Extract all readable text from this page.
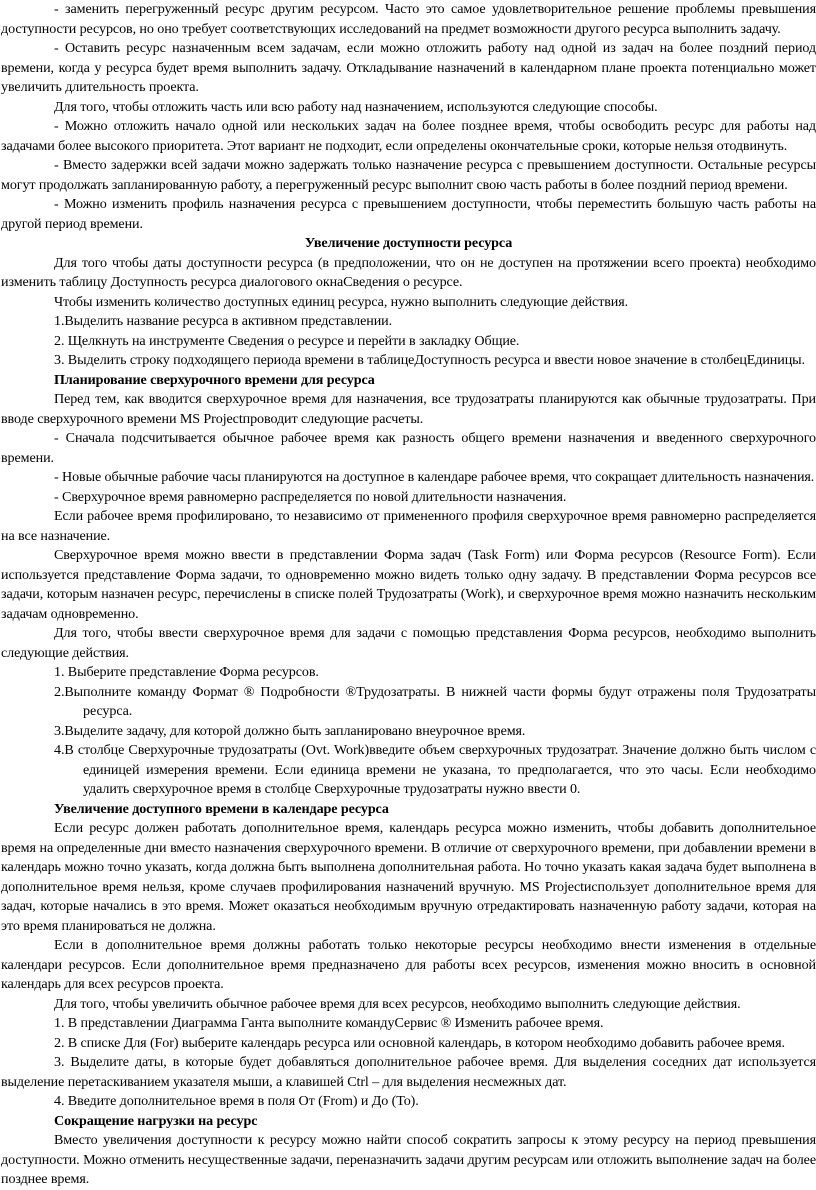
- заменить перегруженный ресурс другим ресурсом. Часто это самое удовлетворительное решение проблемы превышения доступности ресурсов, но оно требует соответствующих исследований на предмет возможности другого ресурса выполнить задачу.

- Оставить ресурс назначенным всем задачам, если можно отложить работу над одной из задач на более поздний период времени, когда у ресурса будет время выполнить задачу. Откладывание назначений в календарном плане проекта потенциально может увеличить длительность проекта.

Для того, чтобы отложить часть или всю работу над назначением, используются следующие способы.

- Можно отложить начало одной или нескольких задач на более позднее время, чтобы освободить ресурс для работы над задачами более высокого приоритета. Этот вариант не подходит, если определены окончательные сроки, которые нельзя отодвинуть.

- Вместо задержки всей задачи можно задержать только назначение ресурса с превышением доступности. Остальные ресурсы могут продолжать запланированную работу, а перегруженный ресурс выполнит свою часть работы в более поздний период времени.

- Можно изменить профиль назначения ресурса с превышением доступности, чтобы переместить большую часть работы на другой период времени.

Увеличение доступности ресурса

Для того чтобы даты доступности ресурса (в предположении, что он не доступен на протяжении всего проекта) необходимо изменить таблицу Доступность ресурса диалогового окнаСведения о ресурсе.

Чтобы изменить количество доступных единиц ресурса, нужно выполнить следующие действия.

1.Выделить название ресурса в активном представлении.

2. Щелкнуть на инструменте Сведения о ресурсе и перейти в закладку Общие.

3. Выделить строку подходящего периода времени в таблицеДоступность ресурса и ввести новое значение в столбецЕдиницы.

Планирование сверхурочного времени для ресурса

Перед тем, как вводится сверхурочное время для назначения, все трудозатраты планируются как обычные трудозатраты. При вводе сверхурочного времени MS Projectпроводит следующие расчеты.

- Сначала подсчитывается обычное рабочее время как разность общего времени назначения и введенного сверхурочного времени.

- Новые обычные рабочие часы планируются на доступное в календаре рабочее время, что сокращает длительность назначения.

- Сверхурочное время равномерно распределяется по новой длительности назначения.

Если рабочее время профилировано, то независимо от примененного профиля сверхурочное время равномерно распределяется на все назначение.

Сверхурочное время можно ввести в представлении Форма задач (Task Form) или Форма ресурсов (Resource Form). Если используется представление Форма задачи, то одновременно можно видеть только одну задачу. В представлении Форма ресурсов все задачи, которым назначен ресурс, перечислены в списке полей Трудозатраты (Work), и сверхурочное время можно назначить нескольким задачам одновременно.

Для того, чтобы ввести сверхурочное время для задачи с помощью представления Форма ресурсов, необходимо выполнить следующие действия.

1. Выберите представление Форма ресурсов.

2.Выполните команду Формат ® Подробности ®Трудозатраты. В нижней части формы будут отражены поля Трудозатраты ресурса.

3.Выделите задачу, для которой должно быть запланировано внеурочное время.

4.В столбце Сверхурочные трудозатраты (Ovt. Work)введите объем сверхурочных трудозатрат. Значение должно быть числом с единицей измерения времени. Если единица времени не указана, то предполагается, что это часы. Если необходимо удалить сверхурочное время в столбце Сверхурочные трудозатраты нужно ввести 0.

Увеличение доступного времени в календаре ресурса

Если ресурс должен работать дополнительное время, календарь ресурса можно изменить, чтобы добавить дополнительное время на определенные дни вместо назначения сверхурочного времени. В отличие от сверхурочного времени, при добавлении времени в календарь можно точно указать, когда должна быть выполнена дополнительная работа. Но точно указать какая задача будет выполнена в дополнительное время нельзя, кроме случаев профилирования назначений вручную. MS Projectиспользует дополнительное время для задач, которые начались в это время. Может оказаться необходимым вручную отредактировать назначенную работу задачи, которая на это время планироваться не должна.

Если в дополнительное время должны работать только некоторые ресурсы необходимо внести изменения в отдельные календари ресурсов. Если дополнительное время предназначено для работы всех ресурсов, изменения можно вносить в основной календарь для всех ресурсов проекта.

Для того, чтобы увеличить обычное рабочее время для всех ресурсов, необходимо выполнить следующие действия.

1. В представлении Диаграмма Ганта выполните командуСервис ® Изменить рабочее время.

2. В списке Для (For) выберите календарь ресурса или основной календарь, в котором необходимо добавить рабочее время.

3. Выделите даты, в которые будет добавляться дополнительное рабочее время. Для выделения соседних дат используется выделение перетаскиванием указателя мыши, а клавишей Ctrl – для выделения несмежных дат.

4. Введите дополнительное время в поля От (From) и До (To).

Сокращение нагрузки на ресурс

Вместо увеличения доступности к ресурсу можно найти способ сократить запросы к этому ресурсу на период превышения доступности. Можно отменить несущественные задачи, переназначить задачи другим ресурсам или отложить выполнение задач на более позднее время.
